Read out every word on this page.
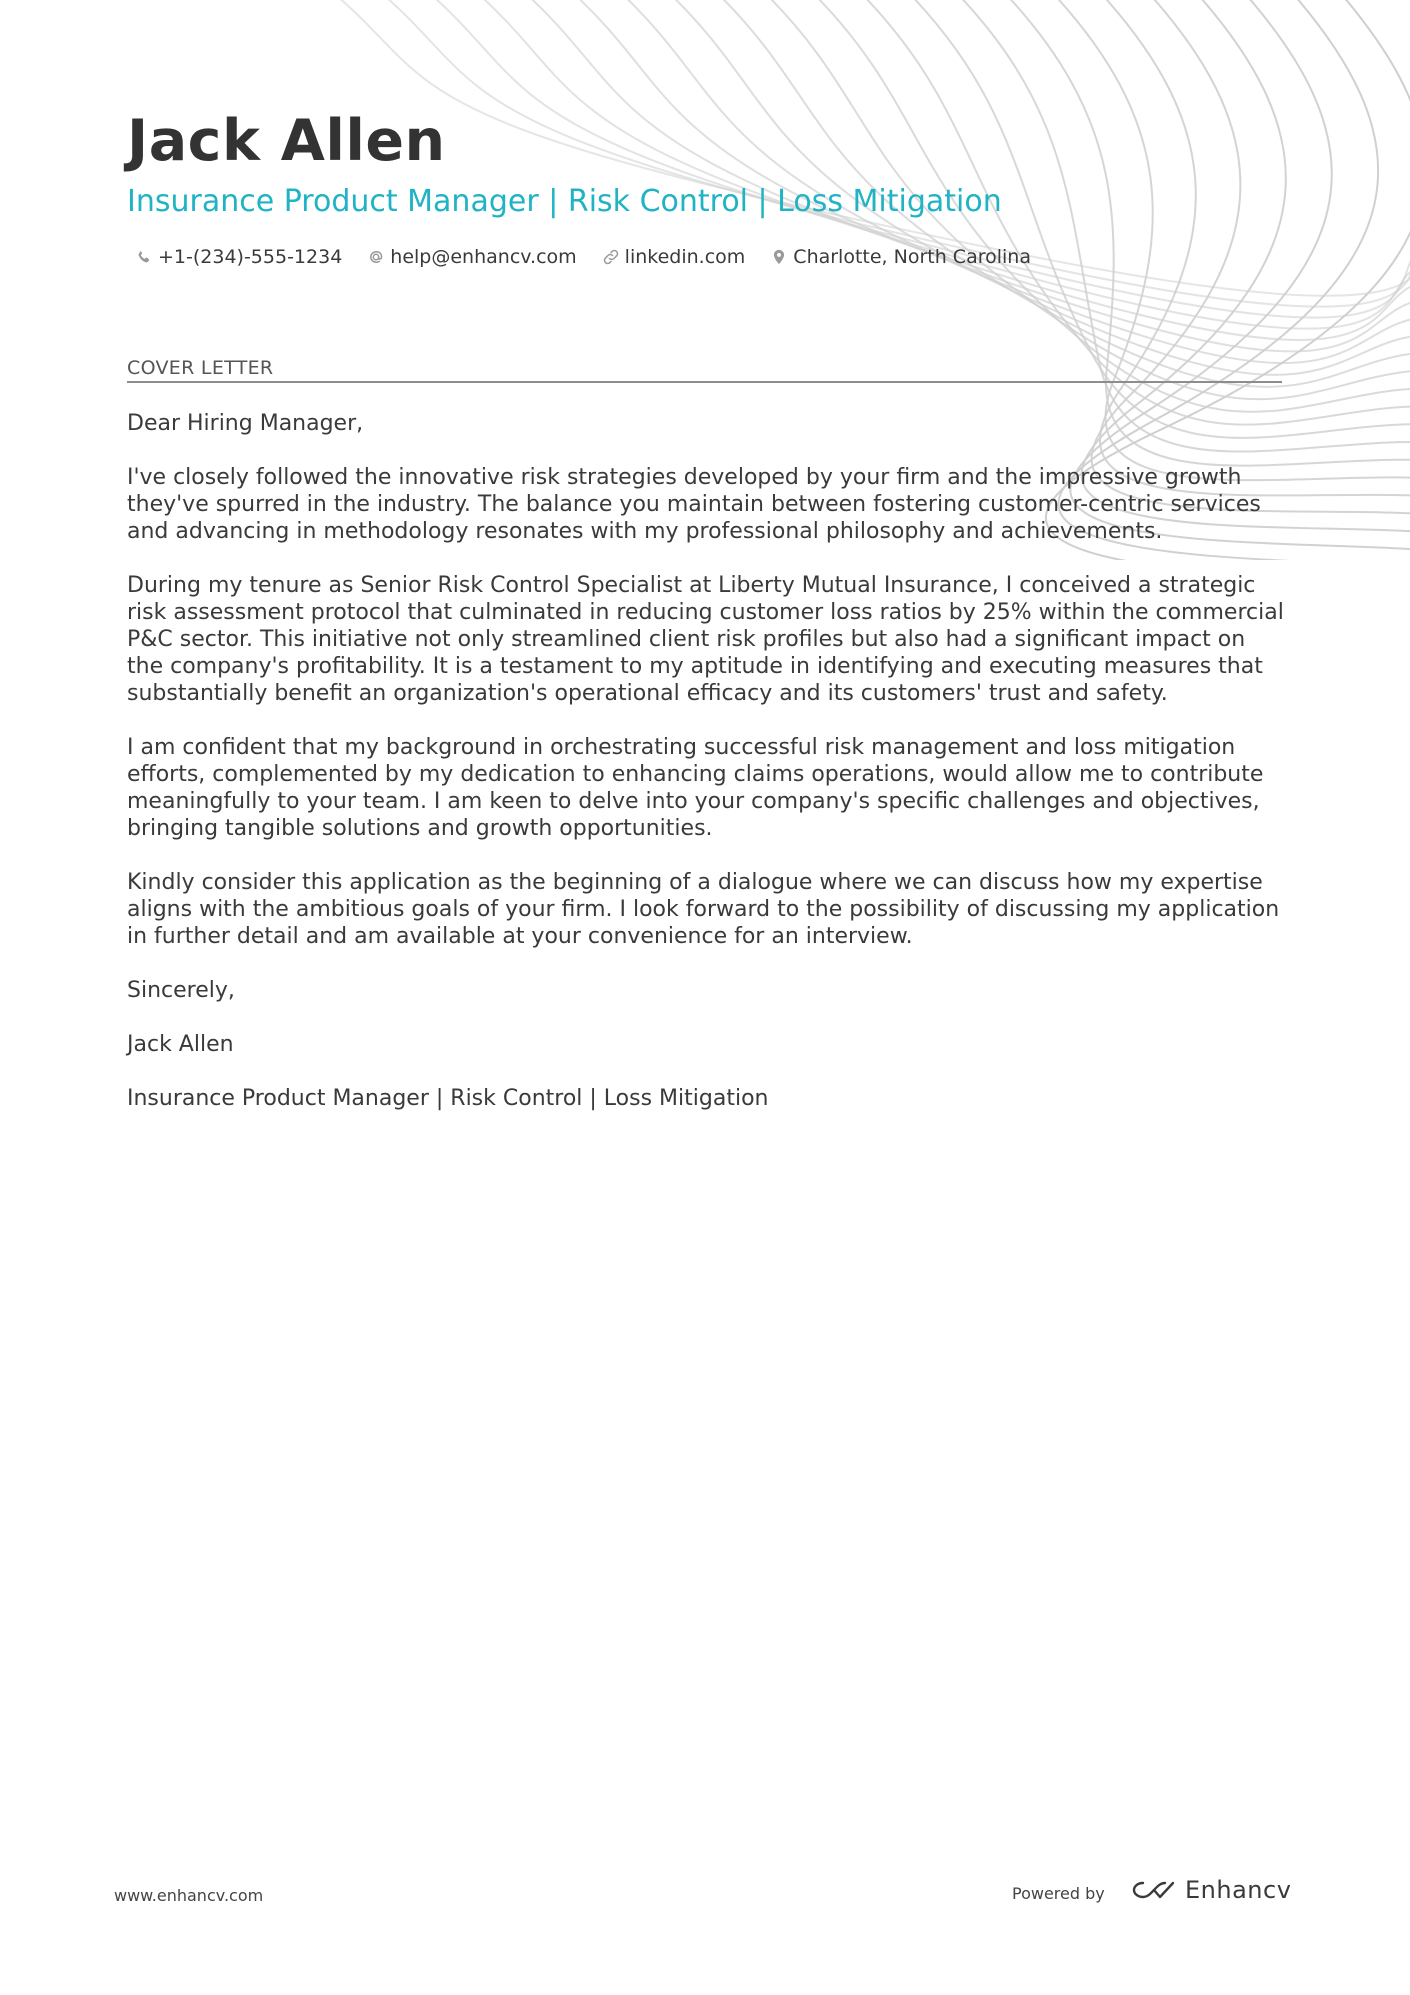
Jack Allen
Insurance Product Manager | Risk Control | Loss Mitigation
+1-(234)-555-1234	help@enhancv.com	linkedin.com	Charlotte, North Carolina
COVER LETTER

Dear Hiring Manager,

I've closely followed the innovative risk strategies developed by your firm and the impressive growth they've spurred in the industry. The balance you maintain between fostering customer-centric services and advancing in methodology resonates with my professional philosophy and achievements.

During my tenure as Senior Risk Control Specialist at Liberty Mutual Insurance, I conceived a strategic risk assessment protocol that culminated in reducing customer loss ratios by 25% within the commercial P&C sector. This initiative not only streamlined client risk profiles but also had a significant impact on the company's profitability. It is a testament to my aptitude in identifying and executing measures that substantially benefit an organization's operational efficacy and its customers' trust and safety.

I am confident that my background in orchestrating successful risk management and loss mitigation efforts, complemented by my dedication to enhancing claims operations, would allow me to contribute meaningfully to your team. I am keen to delve into your company's specific challenges and objectives, bringing tangible solutions and growth opportunities.

Kindly consider this application as the beginning of a dialogue where we can discuss how my expertise aligns with the ambitious goals of your firm. I look forward to the possibility of discussing my application in further detail and am available at your convenience for an interview.

Sincerely,

Jack Allen

Insurance Product Manager | Risk Control | Loss Mitigation

www.enhancv.com	Powered by	Enhancv
